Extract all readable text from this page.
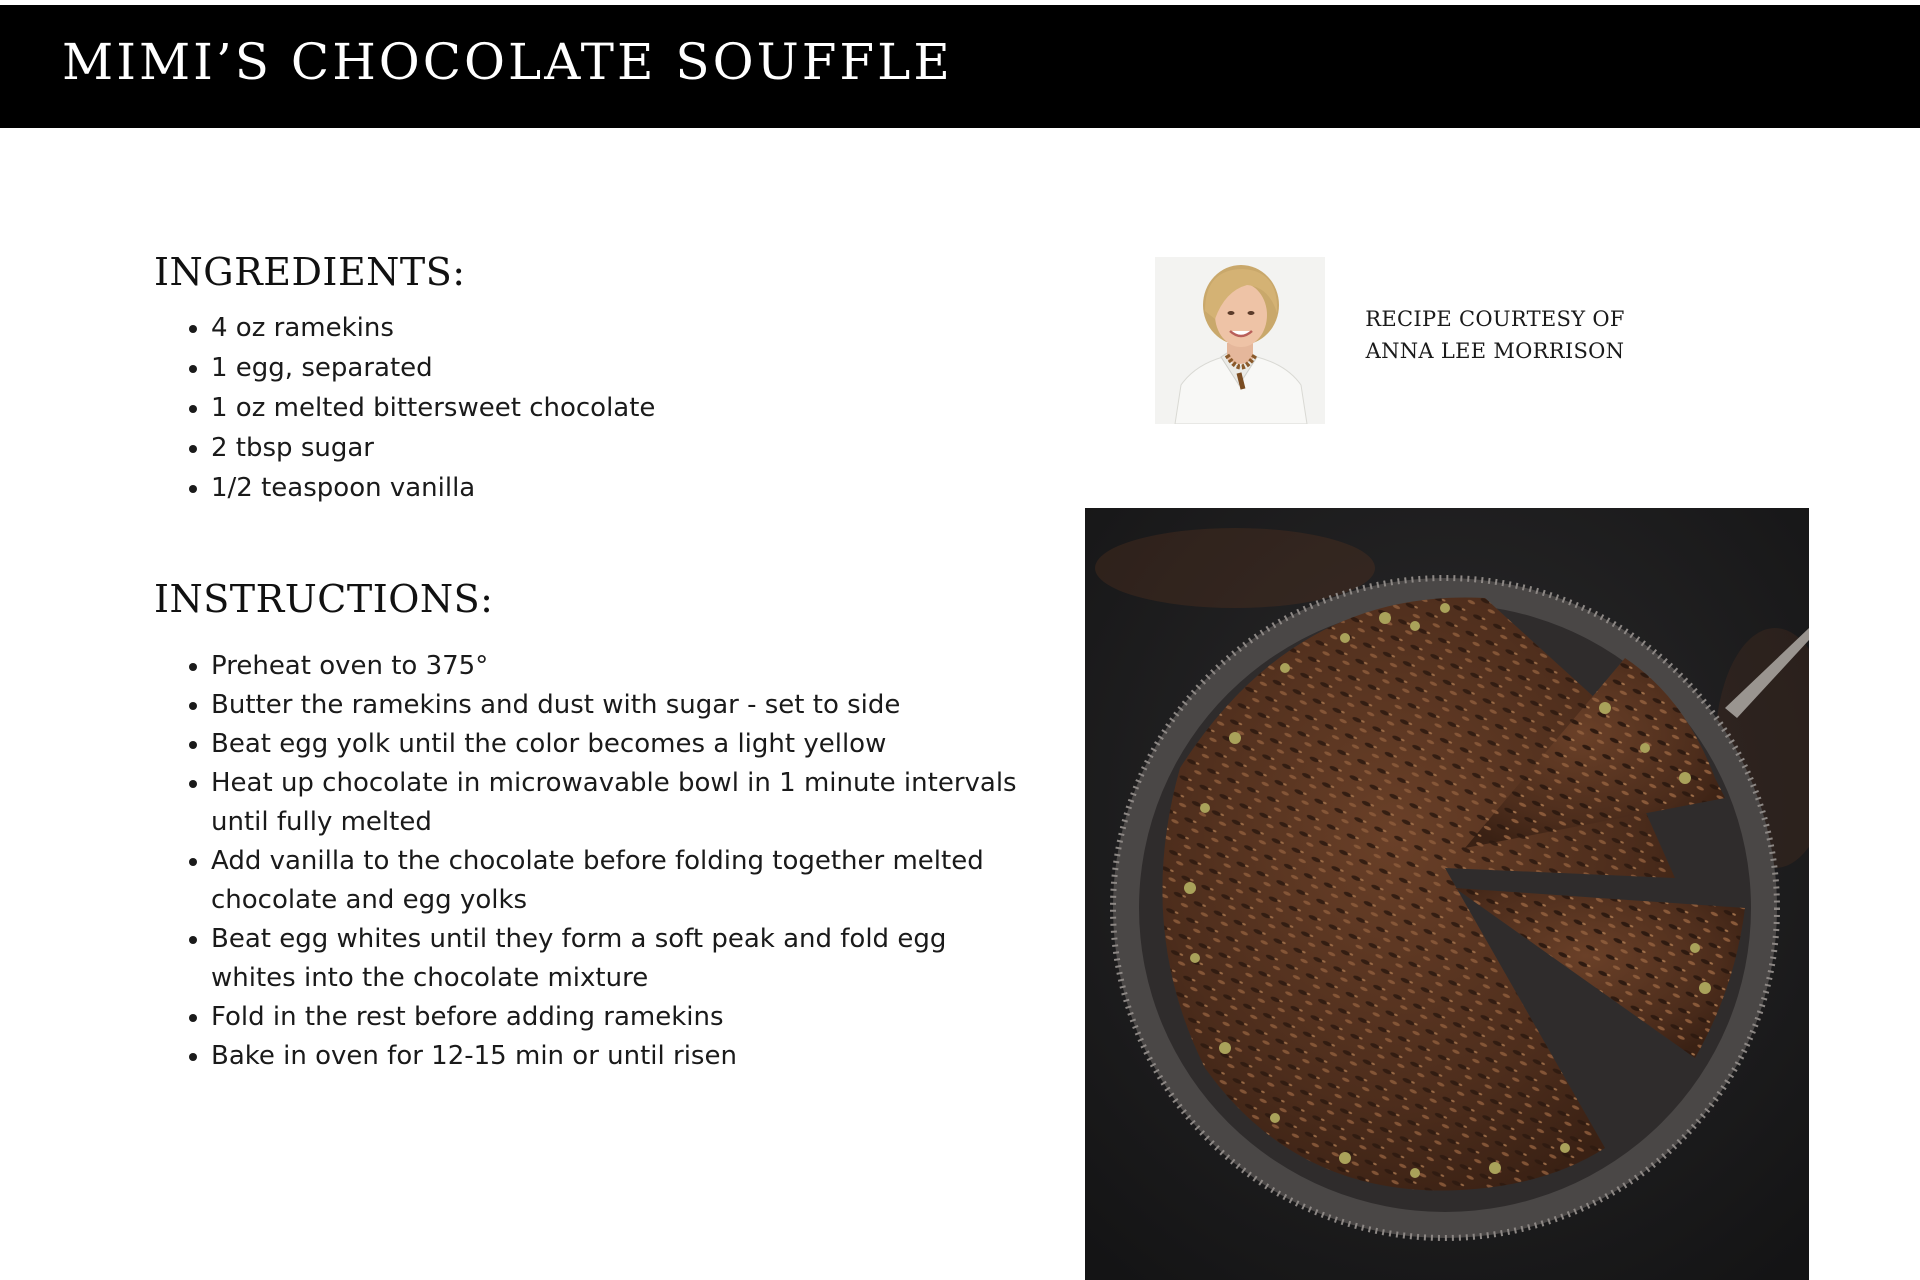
MIMI’S CHOCOLATE SOUFFLE
INGREDIENTS:
• 4 oz ramekins
• 1 egg, separated
• 1 oz melted bittersweet chocolate
• 2 tbsp sugar
• 1/2 teaspoon vanilla
INSTRUCTIONS:
• Preheat oven to 375°
• Butter the ramekins and dust with sugar - set to side
• Beat egg yolk until the color becomes a light yellow
• Heat up chocolate in microwavable bowl in 1 minute intervals until fully melted
• Add vanilla to the chocolate before folding together melted chocolate and egg yolks
• Beat egg whites until they form a soft peak and fold egg whites into the chocolate mixture
• Fold in the rest before adding ramekins
• Bake in oven for 12-15 min or until risen
RECIPE COURTESY OF
ANNA LEE MORRISON
